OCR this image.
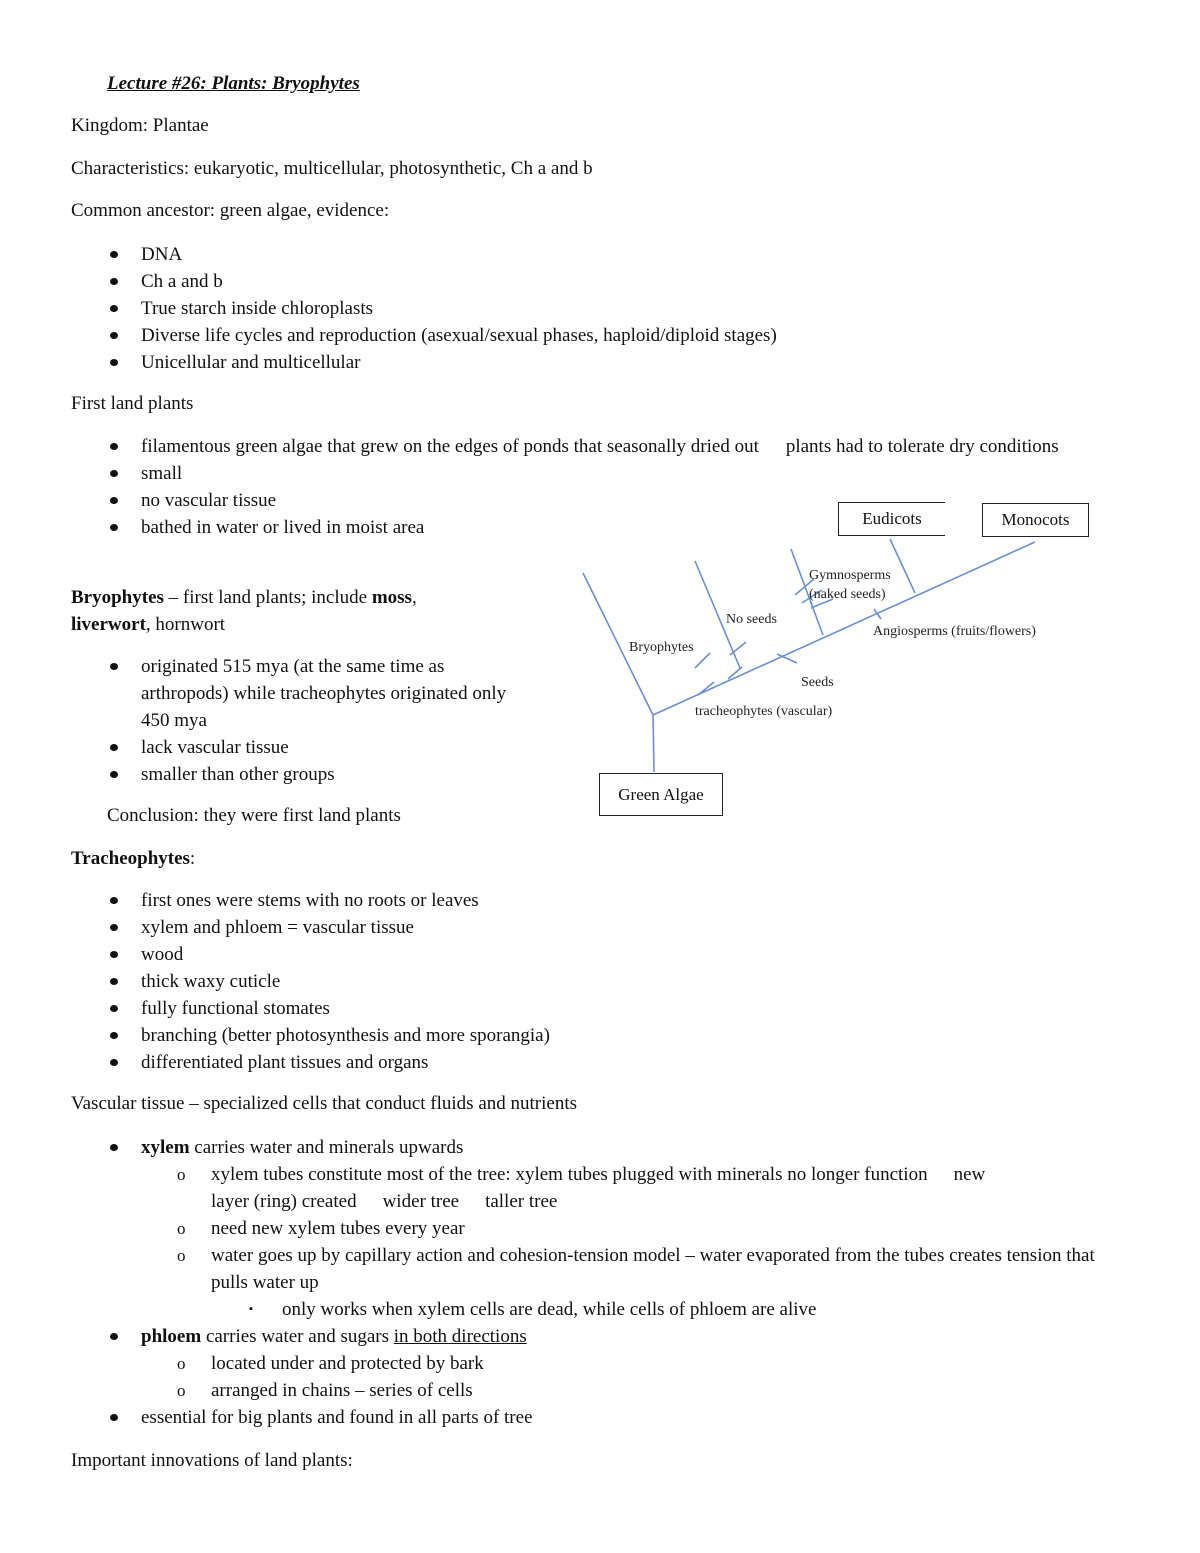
Lecture #26: Plants: Bryophytes
Kingdom: Plantae
Characteristics: eukaryotic, multicellular, photosynthetic, Ch a and b
Common ancestor: green algae, evidence:
DNA
Ch a and b
True starch inside chloroplasts
Diverse life cycles and reproduction (asexual/sexual phases, haploid/diploid stages)
Unicellular and multicellular
First land plants
filamentous green algae that grew on the edges of ponds that seasonally dried out plants had to tolerate dry conditions
small
no vascular tissue
bathed in water or lived in moist area
Bryophytes – first land plants; include moss, liverwort, hornwort
originated 515 mya (at the same time as arthropods) while tracheophytes originated only 450 mya
lack vascular tissue
smaller than other groups
Conclusion: they were first land plants
Tracheophytes:
first ones were stems with no roots or leaves
xylem and phloem = vascular tissue
wood
thick waxy cuticle
fully functional stomates
branching (better photosynthesis and more sporangia)
differentiated plant tissues and organs
Vascular tissue – specialized cells that conduct fluids and nutrients
xylem carries water and minerals upwards
o xylem tubes constitute most of the tree: xylem tubes plugged with minerals no longer function new
layer (ring) created wider tree taller tree
o need new xylem tubes every year
o water goes up by capillary action and cohesion-tension model – water evaporated from the tubes creates tension that pulls water up
▪ only works when xylem cells are dead, while cells of phloem are alive
phloem carries water and sugars in both directions
o located under and protected by bark
o arranged in chains – series of cells
essential for big plants and found in all parts of tree
Important innovations of land plants:
Eudicots	Monocots
Gymnosperms
(naked seeds)
Angiosperms (fruits/flowers)
No seeds
Bryophytes
Seeds
tracheophytes (vascular)
Green Algae
